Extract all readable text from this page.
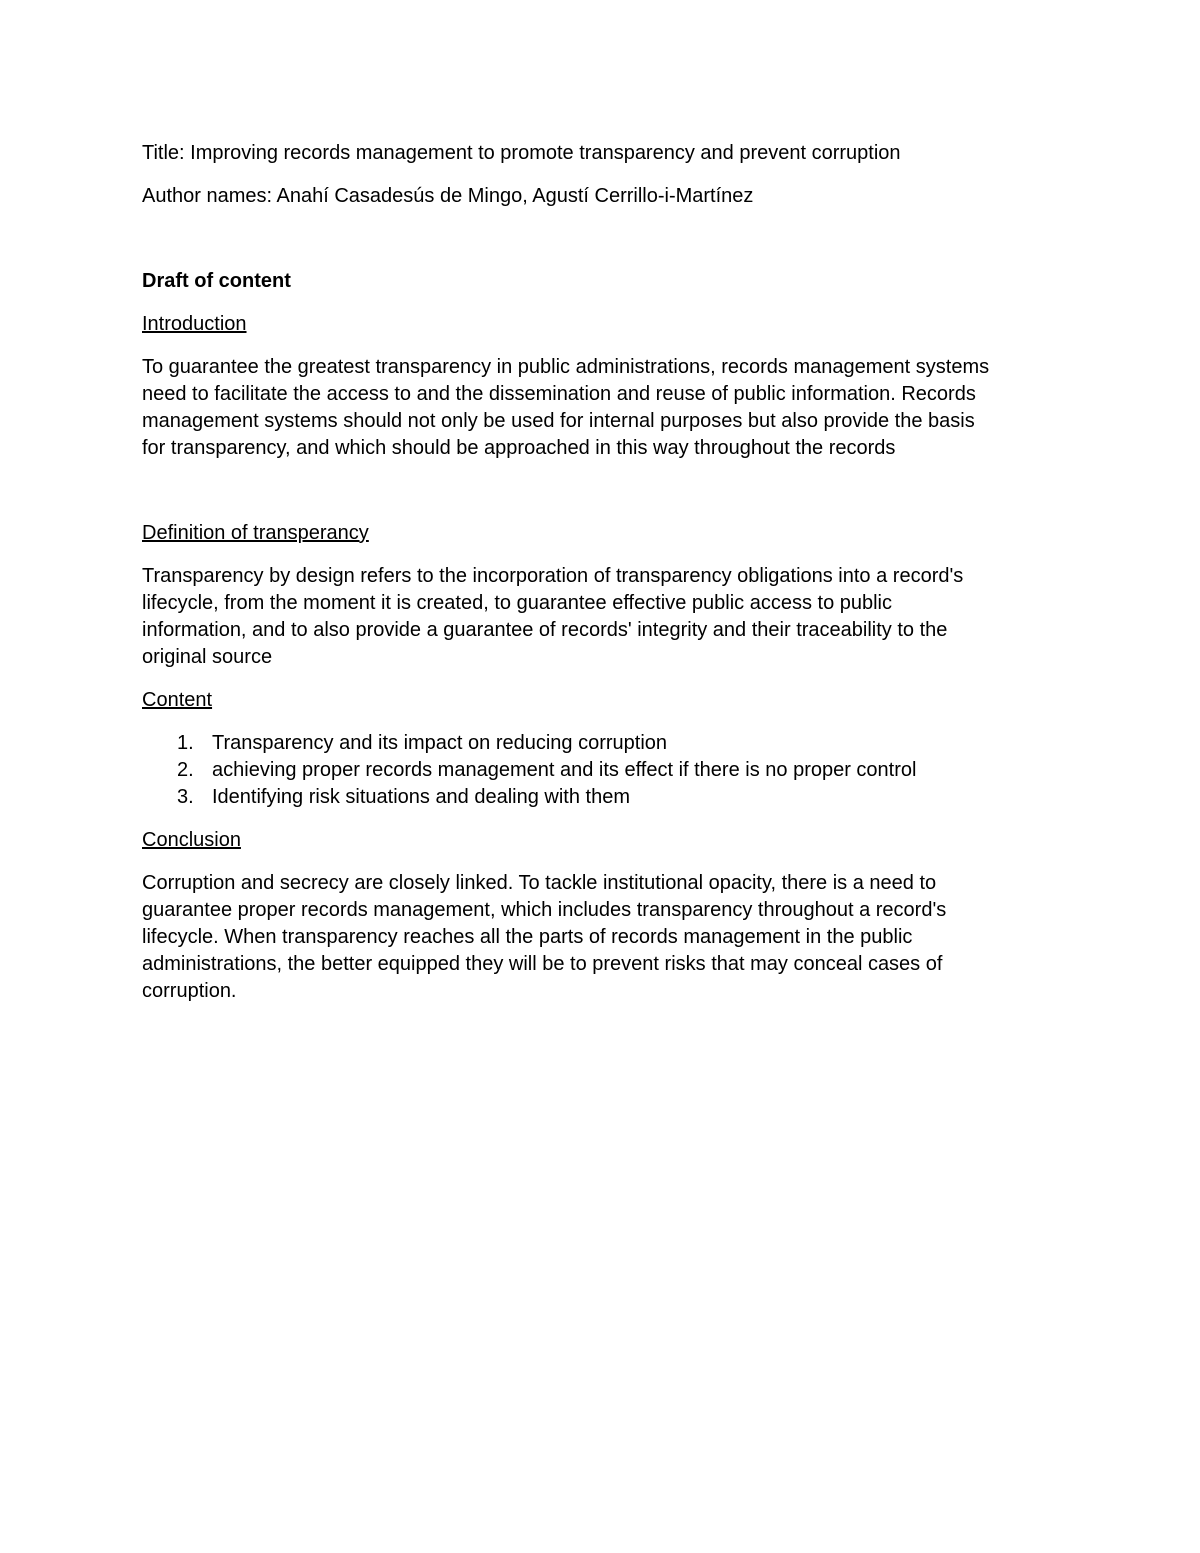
Title: Improving records management to promote transparency and prevent corruption

Author names: Anahí Casadesús de Mingo, Agustí Cerrillo-i-Martínez

Draft of content

Introduction

To guarantee the greatest transparency in public administrations, records management systems
need to facilitate the access to and the dissemination and reuse of public information. Records
management systems should not only be used for internal purposes but also provide the basis
for transparency, and which should be approached in this way throughout the records

Definition of transperancy

Transparency by design refers to the incorporation of transparency obligations into a record's
lifecycle, from the moment it is created, to guarantee effective public access to public
information, and to also provide a guarantee of records' integrity and their traceability to the
original source

Content

1. Transparency and its impact on reducing corruption
2. achieving proper records management and its effect if there is no proper control
3. Identifying risk situations and dealing with them

Conclusion

Corruption and secrecy are closely linked. To tackle institutional opacity, there is a need to
guarantee proper records management, which includes transparency throughout a record's
lifecycle. When transparency reaches all the parts of records management in the public
administrations, the better equipped they will be to prevent risks that may conceal cases of
corruption.
